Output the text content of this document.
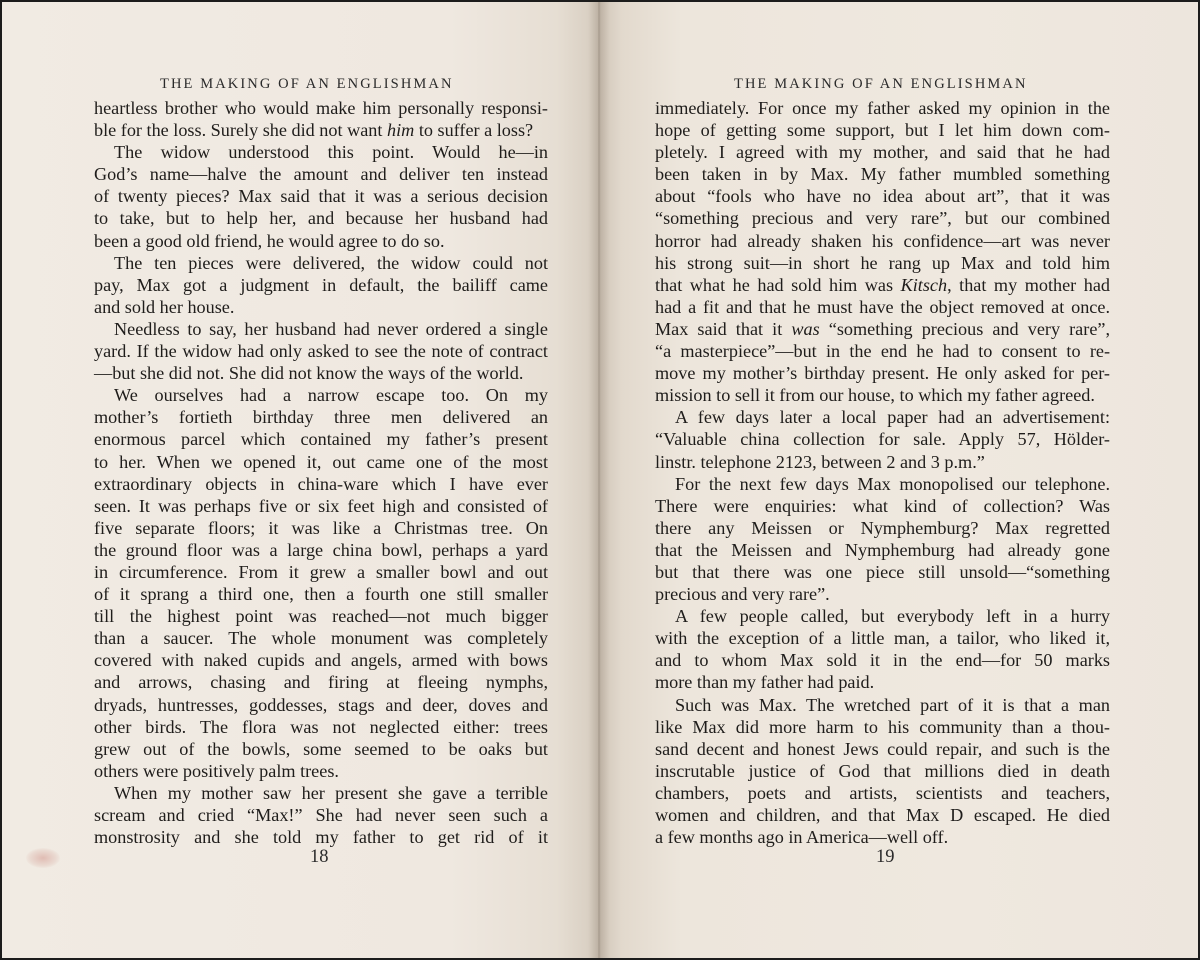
THE MAKING OF AN ENGLISHMAN
heartless brother who would make him personally responsi-
ble for the loss. Surely she did not want him to suffer a loss?
The widow understood this point. Would he—in
God’s name—halve the amount and deliver ten instead
of twenty pieces? Max said that it was a serious decision
to take, but to help her, and because her husband had
been a good old friend, he would agree to do so.
The ten pieces were delivered, the widow could not
pay, Max got a judgment in default, the bailiff came
and sold her house.
Needless to say, her husband had never ordered a single
yard. If the widow had only asked to see the note of contract
—but she did not. She did not know the ways of the world.
We ourselves had a narrow escape too. On my
mother’s fortieth birthday three men delivered an
enormous parcel which contained my father’s present
to her. When we opened it, out came one of the most
extraordinary objects in china-ware which I have ever
seen. It was perhaps five or six feet high and consisted of
five separate floors; it was like a Christmas tree. On
the ground floor was a large china bowl, perhaps a yard
in circumference. From it grew a smaller bowl and out
of it sprang a third one, then a fourth one still smaller
till the highest point was reached—not much bigger
than a saucer. The whole monument was completely
covered with naked cupids and angels, armed with bows
and arrows, chasing and firing at fleeing nymphs,
dryads, huntresses, goddesses, stags and deer, doves and
other birds. The flora was not neglected either: trees
grew out of the bowls, some seemed to be oaks but
others were positively palm trees.
When my mother saw her present she gave a terrible
scream and cried “Max!” She had never seen such a
monstrosity and she told my father to get rid of it
18
THE MAKING OF AN ENGLISHMAN
immediately. For once my father asked my opinion in the
hope of getting some support, but I let him down com-
pletely. I agreed with my mother, and said that he had
been taken in by Max. My father mumbled something
about “fools who have no idea about art”, that it was
“something precious and very rare”, but our combined
horror had already shaken his confidence—art was never
his strong suit—in short he rang up Max and told him
that what he had sold him was Kitsch, that my mother had
had a fit and that he must have the object removed at once.
Max said that it was “something precious and very rare”,
“a masterpiece”—but in the end he had to consent to re-
move my mother’s birthday present. He only asked for per-
mission to sell it from our house, to which my father agreed.
A few days later a local paper had an advertisement:
“Valuable china collection for sale. Apply 57, Hölder-
linstr. telephone 2123, between 2 and 3 p.m.”
For the next few days Max monopolised our telephone.
There were enquiries: what kind of collection? Was
there any Meissen or Nymphemburg? Max regretted
that the Meissen and Nymphemburg had already gone
but that there was one piece still unsold—“something
precious and very rare”.
A few people called, but everybody left in a hurry
with the exception of a little man, a tailor, who liked it,
and to whom Max sold it in the end—for 50 marks
more than my father had paid.
Such was Max. The wretched part of it is that a man
like Max did more harm to his community than a thou-
sand decent and honest Jews could repair, and such is the
inscrutable justice of God that millions died in death
chambers, poets and artists, scientists and teachers,
women and children, and that Max D escaped. He died
a few months ago in America—well off.
19
